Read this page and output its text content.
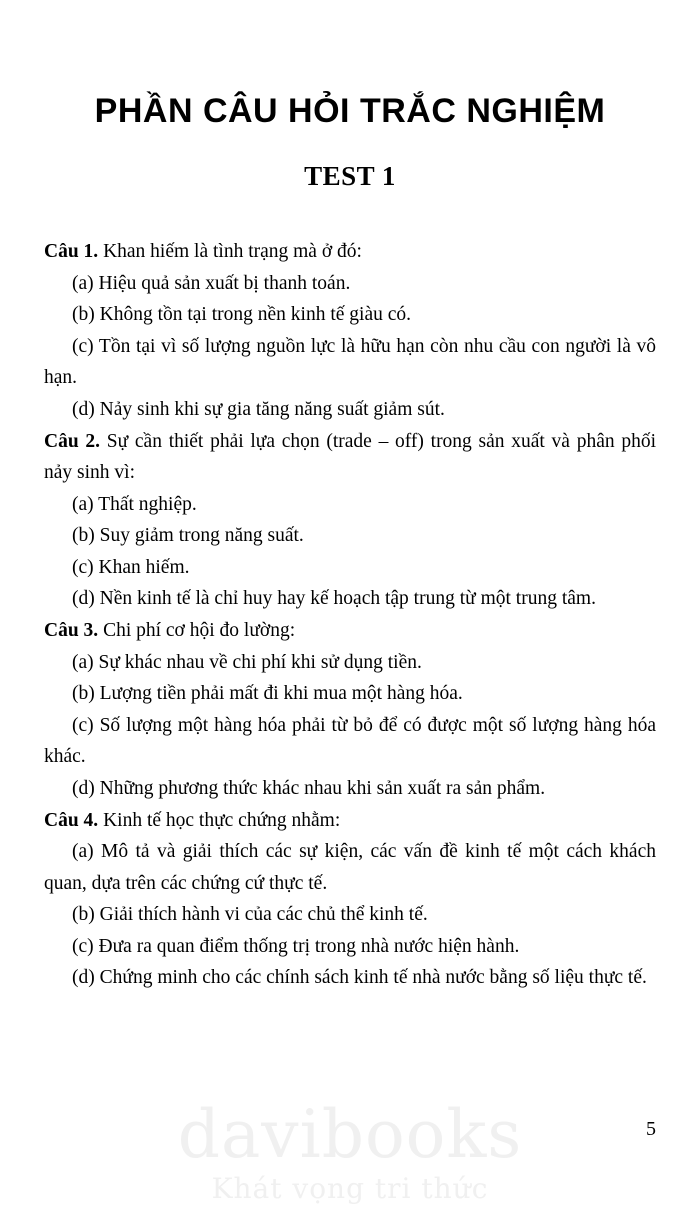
PHẦN CÂU HỎI TRẮC NGHIỆM
TEST 1

Câu 1. Khan hiếm là tình trạng mà ở đó:

(a) Hiệu quả sản xuất bị thanh toán.

(b) Không tồn tại trong nền kinh tế giàu có.

(c) Tồn tại vì số lượng nguồn lực là hữu hạn còn nhu cầu con người là vô hạn.

(d) Nảy sinh khi sự gia tăng năng suất giảm sút.

Câu 2. Sự cần thiết phải lựa chọn (trade – off) trong sản xuất và phân phối nảy sinh vì:

(a) Thất nghiệp.

(b) Suy giảm trong năng suất.

(c) Khan hiếm.

(d) Nền kinh tế là chỉ huy hay kế hoạch tập trung từ một trung tâm.

Câu 3. Chi phí cơ hội đo lường:

(a) Sự khác nhau về chi phí khi sử dụng tiền.

(b) Lượng tiền phải mất đi khi mua một hàng hóa.

(c) Số lượng một hàng hóa phải từ bỏ để có được một số lượng hàng hóa khác.

(d) Những phương thức khác nhau khi sản xuất ra sản phẩm.

Câu 4. Kinh tế học thực chứng nhằm:

(a) Mô tả và giải thích các sự kiện, các vấn đề kinh tế một cách khách quan, dựa trên các chứng cứ thực tế.

(b) Giải thích hành vi của các chủ thể kinh tế.

(c) Đưa ra quan điểm thống trị trong nhà nước hiện hành.

(d) Chứng minh cho các chính sách kinh tế nhà nước bằng số liệu thực tế.

5
davibooks
Khát vọng tri thức
